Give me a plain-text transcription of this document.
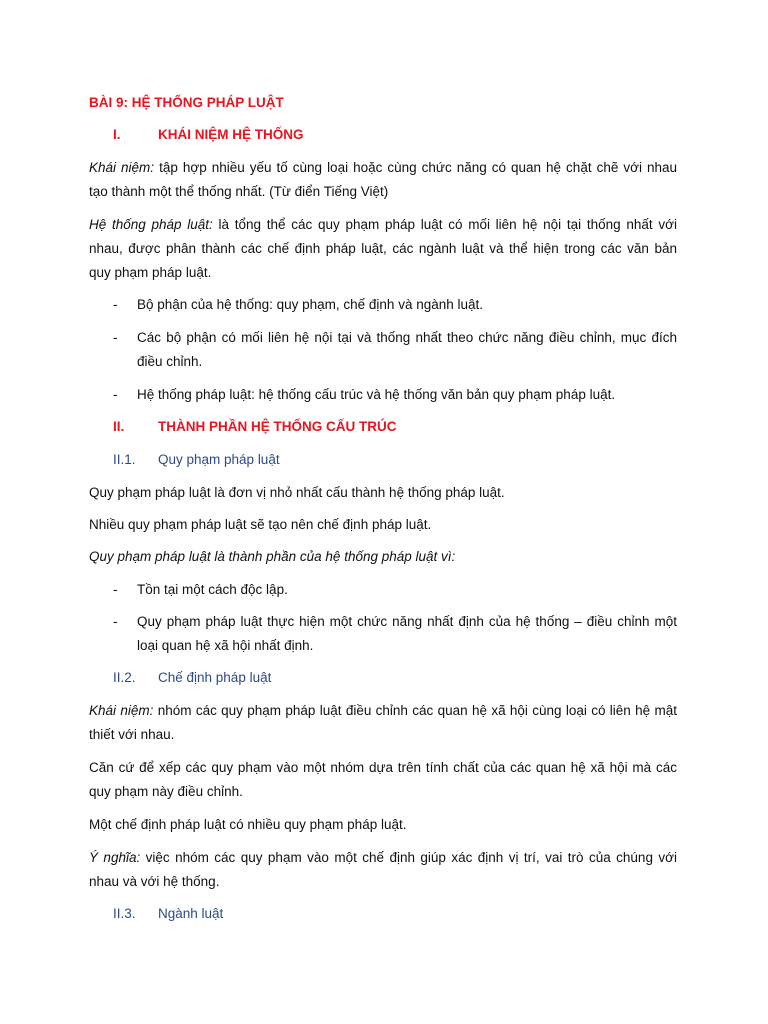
BÀI 9: HỆ THỐNG PHÁP LUẬT
I.	KHÁI NIỆM HỆ THỐNG
Khái niệm: tập hợp nhiều yếu tố cùng loại hoặc cùng chức năng có quan hệ chặt chẽ với nhau
tạo thành một thể thống nhất. (Từ điển Tiếng Việt)
Hệ thống pháp luật: là tổng thể các quy phạm pháp luật có mối liên hệ nội tại thống nhất với
nhau, được phân thành các chế định pháp luật, các ngành luật và thể hiện trong các văn bản
quy phạm pháp luật.
- Bộ phận của hệ thống: quy phạm, chế định và ngành luật.
- Các bộ phận có mối liên hệ nội tại và thống nhất theo chức năng điều chỉnh, mục đích
điều chỉnh.
- Hệ thống pháp luật: hệ thống cấu trúc và hệ thống văn bản quy phạm pháp luật.
II. THÀNH PHẦN HỆ THỐNG CẤU TRÚC
II.1. Quy phạm pháp luật
Quy phạm pháp luật là đơn vị nhỏ nhất cấu thành hệ thống pháp luật.
Nhiều quy phạm pháp luật sẽ tạo nên chế định pháp luật.
Quy phạm pháp luật là thành phần của hệ thống pháp luật vì:
- Tồn tại một cách độc lập.
- Quy phạm pháp luật thực hiện một chức năng nhất định của hệ thống – điều chỉnh một
loại quan hệ xã hội nhất định.
II.2. Chế định pháp luật
Khái niệm: nhóm các quy phạm pháp luật điều chỉnh các quan hệ xã hội cùng loại có liên hệ mật
thiết với nhau.
Căn cứ để xếp các quy phạm vào một nhóm dựa trên tính chất của các quan hệ xã hội mà các
quy phạm này điều chỉnh.
Một chế định pháp luật có nhiều quy phạm pháp luật.
Ý nghĩa: việc nhóm các quy phạm vào một chế định giúp xác định vị trí, vai trò của chúng với
nhau và với hệ thống.
II.3. Ngành luật
